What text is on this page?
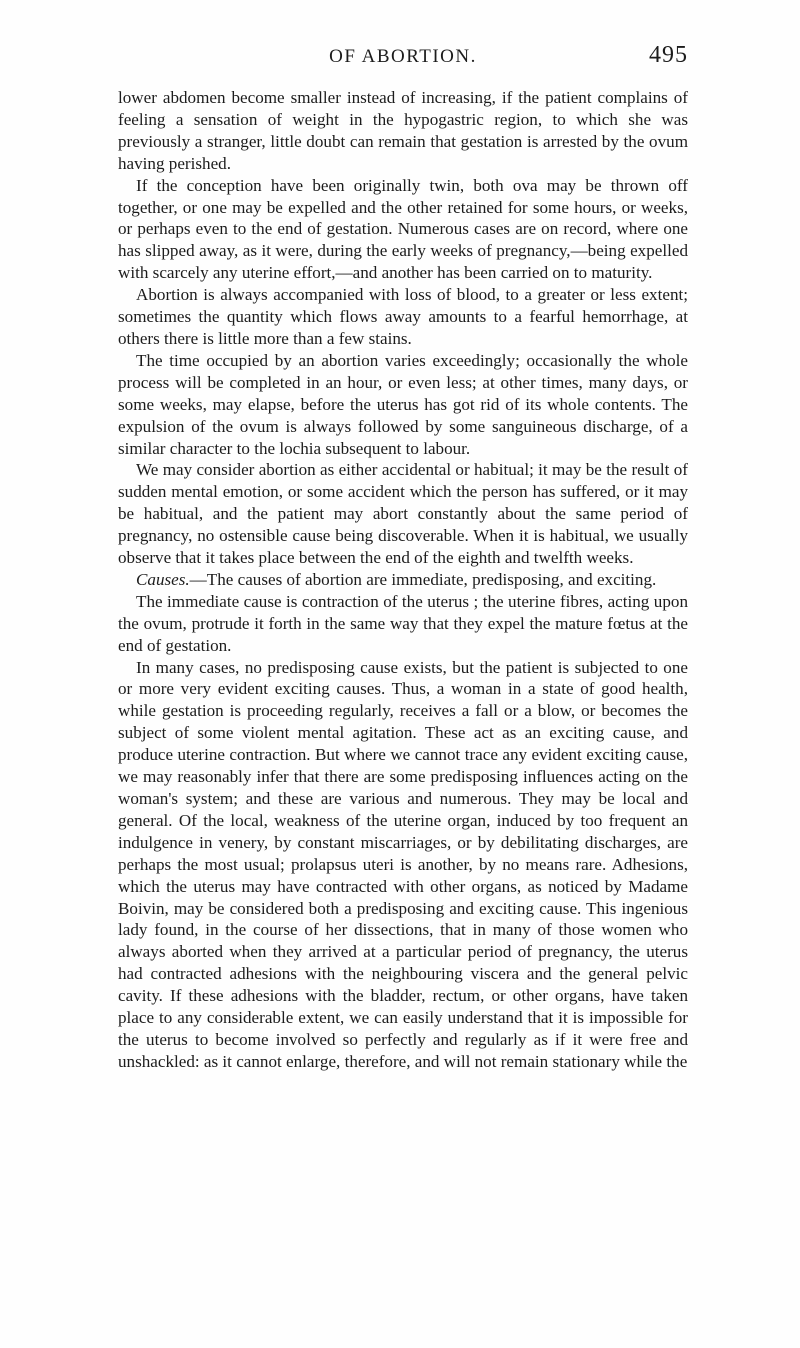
OF ABORTION.	495

lower abdomen become smaller instead of increasing, if the patient complains of feeling a sensation of weight in the hypogastric region, to which she was previously a stranger, little doubt can remain that gestation is arrested by the ovum having perished.

If the conception have been originally twin, both ova may be thrown off together, or one may be expelled and the other retained for some hours, or weeks, or perhaps even to the end of gestation. Numerous cases are on record, where one has slipped away, as it were, during the early weeks of pregnancy,—being expelled with scarcely any uterine effort,—and another has been carried on to maturity.

Abortion is always accompanied with loss of blood, to a greater or less extent; sometimes the quantity which flows away amounts to a fearful hemorrhage, at others there is little more than a few stains.

The time occupied by an abortion varies exceedingly; occasionally the whole process will be completed in an hour, or even less; at other times, many days, or some weeks, may elapse, before the uterus has got rid of its whole contents. The expulsion of the ovum is always followed by some sanguineous discharge, of a similar character to the lochia subsequent to labour.

We may consider abortion as either accidental or habitual; it may be the result of sudden mental emotion, or some accident which the person has suffered, or it may be habitual, and the patient may abort constantly about the same period of pregnancy, no ostensible cause being discoverable. When it is habitual, we usually observe that it takes place between the end of the eighth and twelfth weeks.

Causes.—The causes of abortion are immediate, predisposing, and exciting.

The immediate cause is contraction of the uterus ; the uterine fibres, acting upon the ovum, protrude it forth in the same way that they expel the mature fœtus at the end of gestation.

In many cases, no predisposing cause exists, but the patient is subjected to one or more very evident exciting causes. Thus, a woman in a state of good health, while gestation is proceeding regularly, receives a fall or a blow, or becomes the subject of some violent mental agitation. These act as an exciting cause, and produce uterine contraction. But where we cannot trace any evident exciting cause, we may reasonably infer that there are some predisposing influences acting on the woman's system; and these are various and numerous. They may be local and general. Of the local, weakness of the uterine organ, induced by too frequent an indulgence in venery, by constant miscarriages, or by debilitating discharges, are perhaps the most usual; prolapsus uteri is another, by no means rare. Adhesions, which the uterus may have contracted with other organs, as noticed by Madame Boivin, may be considered both a predisposing and exciting cause. This ingenious lady found, in the course of her dissections, that in many of those women who always aborted when they arrived at a particular period of pregnancy, the uterus had contracted adhesions with the neighbouring viscera and the general pelvic cavity. If these adhesions with the bladder, rectum, or other organs, have taken place to any considerable extent, we can easily understand that it is impossible for the uterus to become involved so perfectly and regularly as if it were free and unshackled: as it cannot enlarge, therefore, and will not remain stationary while the
